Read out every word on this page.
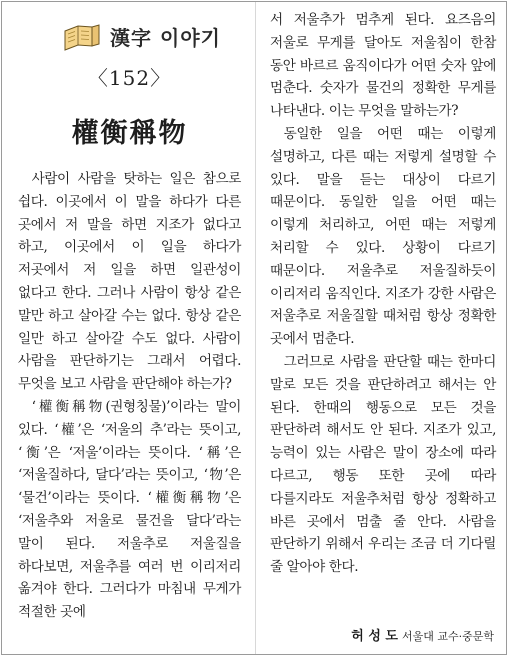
漢字 이야기
〈152〉
權衡稱物

사람이 사람을 탓하는 일은 참으로 쉽다. 이곳에서 이 말을 하다가 다른 곳에서 저 말을 하면 지조가 없다고 하고, 이곳에서 이 일을 하다가 저곳에서 저 일을 하면 일관성이 없다고 한다. 그러나 사람이 항상 같은 말만 하고 살아갈 수는 없다. 항상 같은 일만 하고 살아갈 수도 없다. 사람이 사람을 판단하기는 그래서 어렵다. 무엇을 보고 사람을 판단해야 하는가?

‘權衡稱物(권형칭물)’이라는 말이 있다. ‘權’은 ‘저울의 추’라는 뜻이고, ‘衡’은 ‘저울’이라는 뜻이다. ‘稱’은 ‘저울질하다, 달다’라는 뜻이고, ‘物’은 ‘물건’이라는 뜻이다. ‘權衡稱物’은 ‘저울추와 저울로 물건을 달다’라는 말이 된다. 저울추로 저울질을 하다보면, 저울추를 여러 번 이리저리 옮겨야 한다. 그러다가 마침내 무게가 적절한 곳에

서 저울추가 멈추게 된다. 요즈음의 저울로 무게를 달아도 저울침이 한참 동안 바르르 움직이다가 어떤 숫자 앞에 멈춘다. 숫자가 물건의 정확한 무게를 나타낸다. 이는 무엇을 말하는가?

동일한 일을 어떤 때는 이렇게 설명하고, 다른 때는 저렇게 설명할 수 있다. 말을 듣는 대상이 다르기 때문이다. 동일한 일을 어떤 때는 이렇게 처리하고, 어떤 때는 저렇게 처리할 수 있다. 상황이 다르기 때문이다. 저울추로 저울질하듯이 이리저리 움직인다. 지조가 강한 사람은 저울추로 저울질할 때처럼 항상 정확한 곳에서 멈춘다.

그러므로 사람을 판단할 때는 한마디 말로 모든 것을 판단하려고 해서는 안 된다. 한때의 행동으로 모든 것을 판단하려 해서도 안 된다. 지조가 있고, 능력이 있는 사람은 말이 장소에 따라 다르고, 행동 또한 곳에 따라 다를지라도 저울추처럼 항상 정확하고 바른 곳에서 멈출 줄 안다. 사람을 판단하기 위해서 우리는 조금 더 기다릴 줄 알아야 한다.

허 성 도 서울대 교수·중문학
